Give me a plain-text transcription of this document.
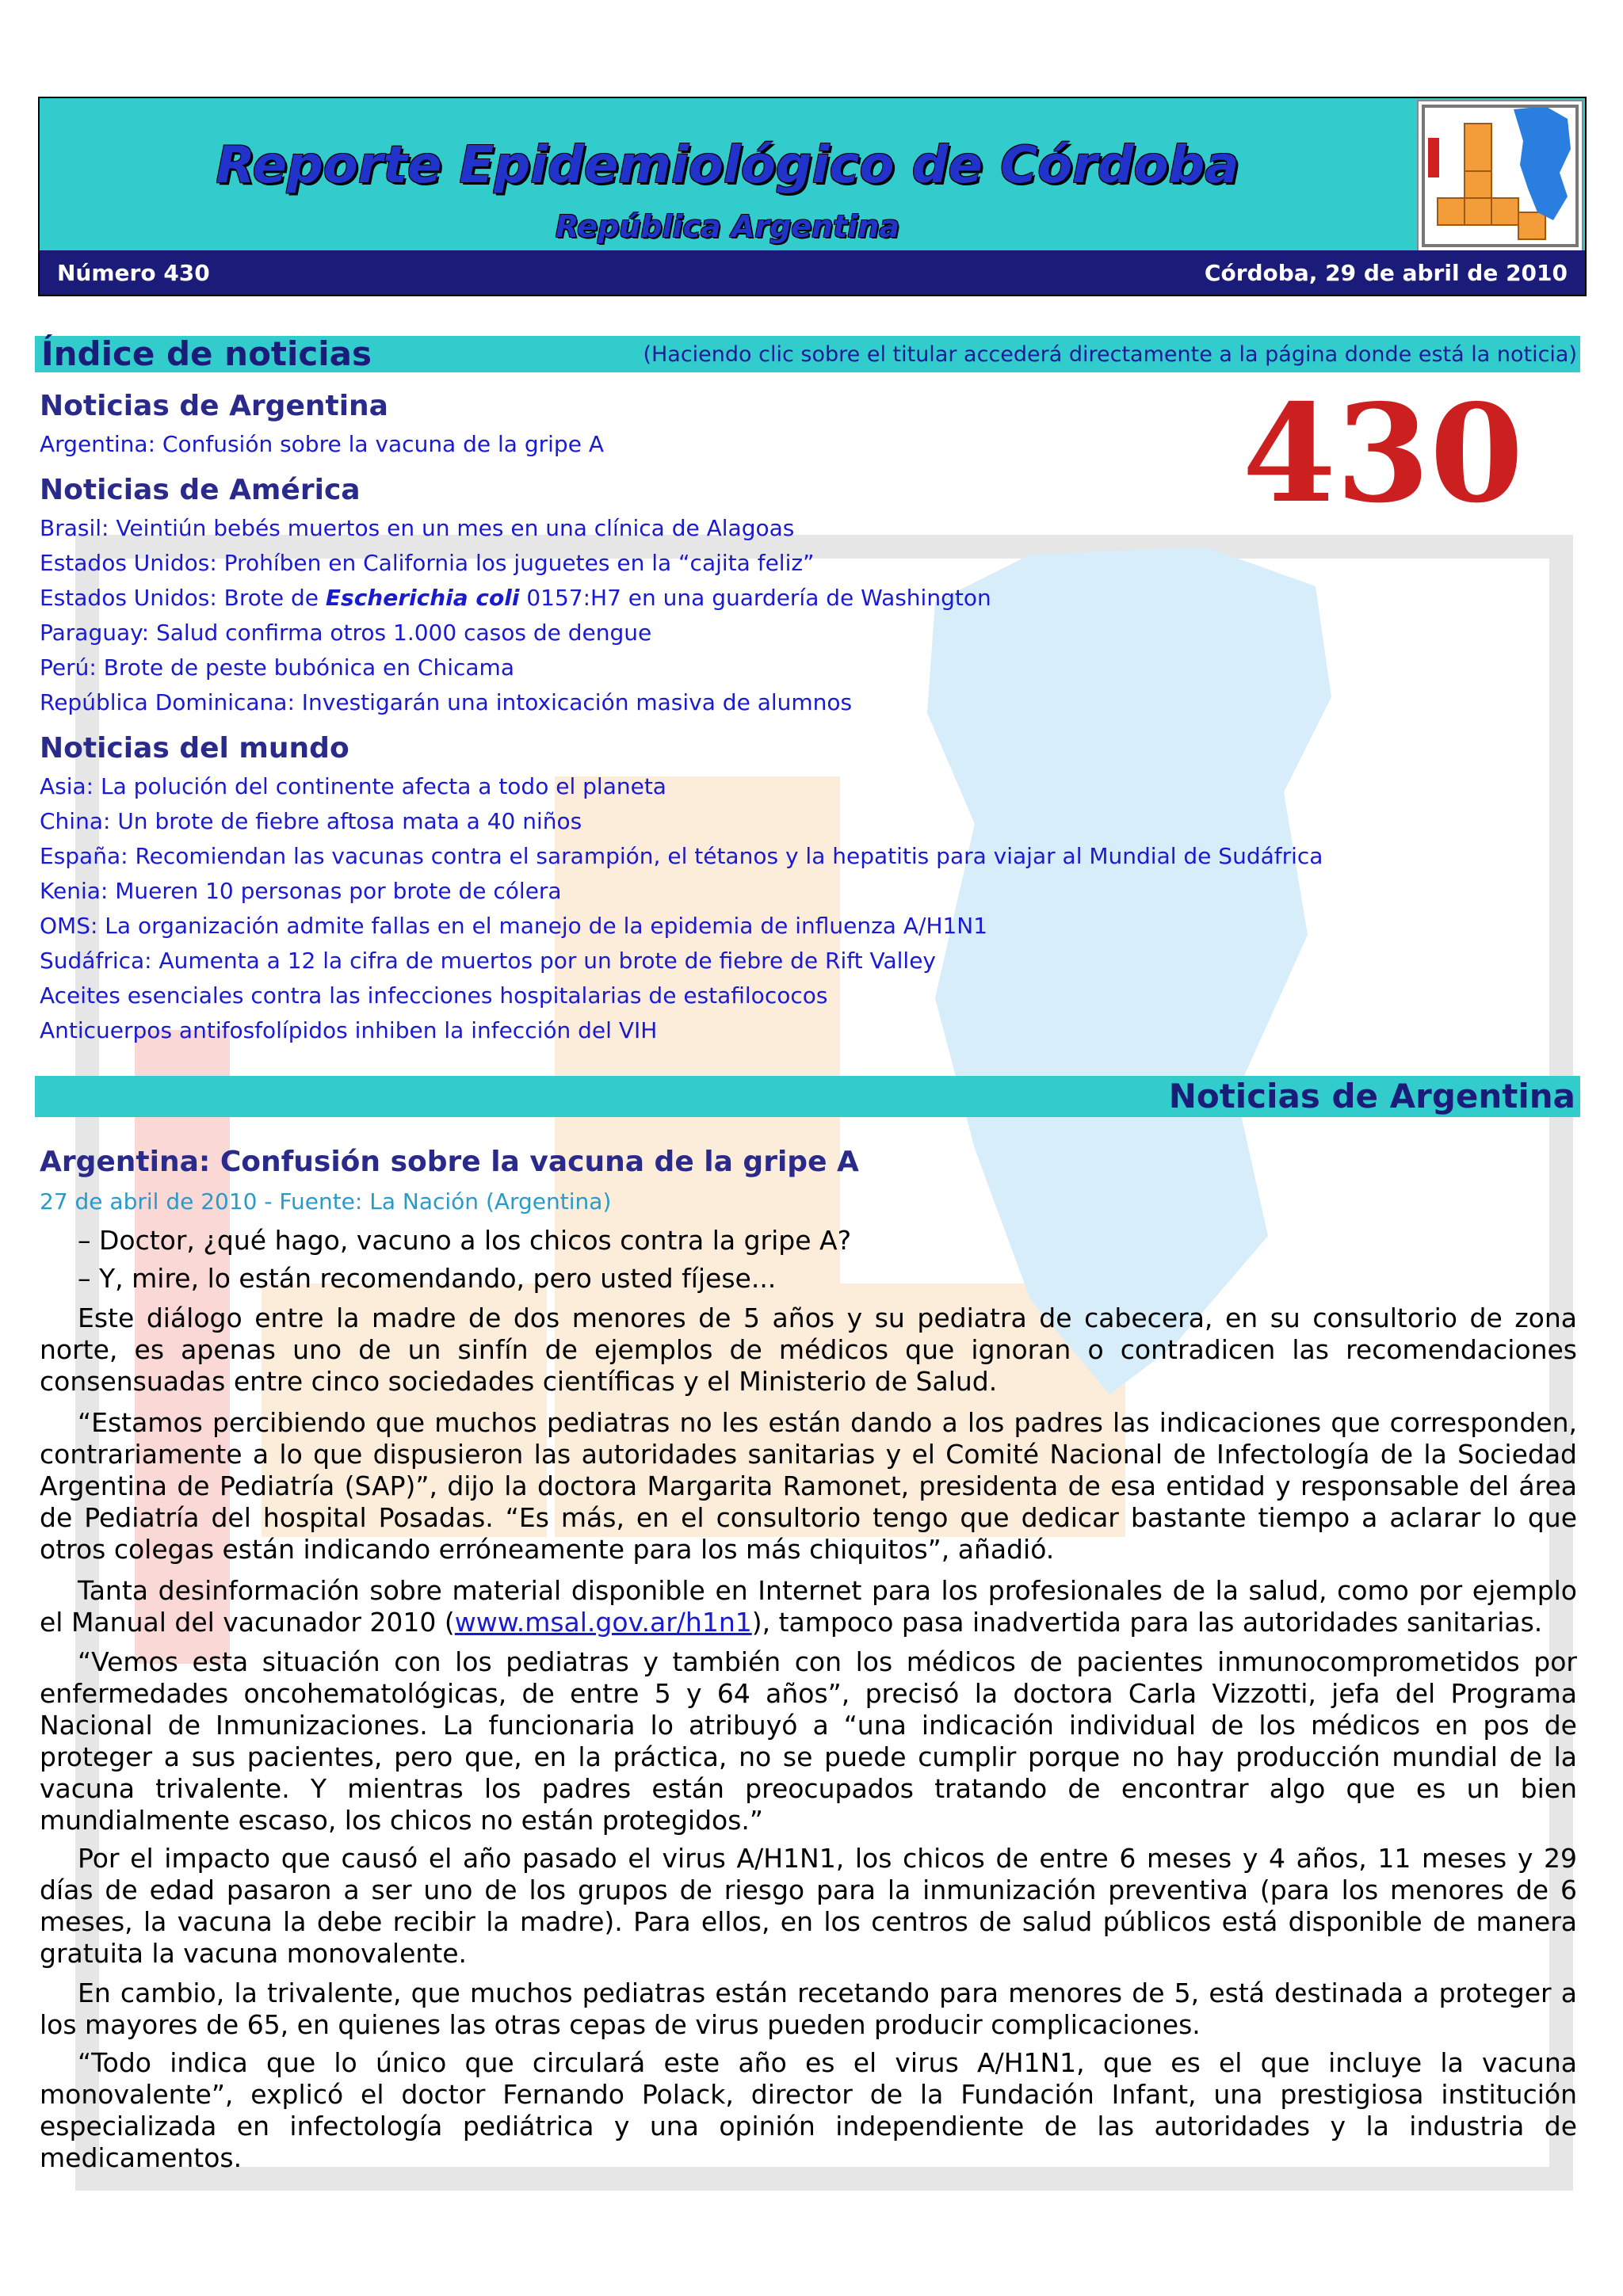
Reporte Epidemiológico de Córdoba
República Argentina
Número 430	Córdoba, 29 de abril de 2010
Índice de noticias	(Haciendo clic sobre el titular accederá directamente a la página donde está la noticia)
430
Noticias de Argentina
Argentina: Confusión sobre la vacuna de la gripe A
Noticias de América
Brasil: Veintiún bebés muertos en un mes en una clínica de Alagoas
Estados Unidos: Prohíben en California los juguetes en la “cajita feliz”
Estados Unidos: Brote de Escherichia coli 0157:H7 en una guardería de Washington
Paraguay: Salud confirma otros 1.000 casos de dengue
Perú: Brote de peste bubónica en Chicama
República Dominicana: Investigarán una intoxicación masiva de alumnos
Noticias del mundo
Asia: La polución del continente afecta a todo el planeta
China: Un brote de fiebre aftosa mata a 40 niños
España: Recomiendan las vacunas contra el sarampión, el tétanos y la hepatitis para viajar al Mundial de Sudáfrica
Kenia: Mueren 10 personas por brote de cólera
OMS: La organización admite fallas en el manejo de la epidemia de influenza A/H1N1
Sudáfrica: Aumenta a 12 la cifra de muertos por un brote de fiebre de Rift Valley
Aceites esenciales contra las infecciones hospitalarias de estafilococos
Anticuerpos antifosfolípidos inhiben la infección del VIH
Noticias de Argentina
Argentina: Confusión sobre la vacuna de la gripe A
27 de abril de 2010 - Fuente: La Nación (Argentina)
– Doctor, ¿qué hago, vacuno a los chicos contra la gripe A?
– Y, mire, lo están recomendando, pero usted fíjese...
Este diálogo entre la madre de dos menores de 5 años y su pediatra de cabecera, en su consultorio de zona norte, es apenas uno de un sinfín de ejemplos de médicos que ignoran o contradicen las recomendaciones consensuadas entre cinco sociedades científicas y el Ministerio de Salud.
“Estamos percibiendo que muchos pediatras no les están dando a los padres las indicaciones que corresponden, contrariamente a lo que dispusieron las autoridades sanitarias y el Comité Nacional de Infectología de la Sociedad Argentina de Pediatría (SAP)”, dijo la doctora Margarita Ramonet, presidenta de esa entidad y responsable del área de Pediatría del hospital Posadas. “Es más, en el consultorio tengo que dedicar bastante tiempo a aclarar lo que otros colegas están indicando erróneamente para los más chiquitos”, añadió.
Tanta desinformación sobre material disponible en Internet para los profesionales de la salud, como por ejemplo el Manual del vacunador 2010 (www.msal.gov.ar/h1n1), tampoco pasa inadvertida para las autoridades sanitarias.
“Vemos esta situación con los pediatras y también con los médicos de pacientes inmunocomprometidos por enfermedades oncohematológicas, de entre 5 y 64 años”, precisó la doctora Carla Vizzotti, jefa del Programa Nacional de Inmunizaciones. La funcionaria lo atribuyó a “una indicación individual de los médicos en pos de proteger a sus pacientes, pero que, en la práctica, no se puede cumplir porque no hay producción mundial de la vacuna trivalente. Y mientras los padres están preocupados tratando de encontrar algo que es un bien mundialmente escaso, los chicos no están protegidos.”
Por el impacto que causó el año pasado el virus A/H1N1, los chicos de entre 6 meses y 4 años, 11 meses y 29 días de edad pasaron a ser uno de los grupos de riesgo para la inmunización preventiva (para los menores de 6 meses, la vacuna la debe recibir la madre). Para ellos, en los centros de salud públicos está disponible de manera gratuita la vacuna monovalente.
En cambio, la trivalente, que muchos pediatras están recetando para menores de 5, está destinada a proteger a los mayores de 65, en quienes las otras cepas de virus pueden producir complicaciones.
“Todo indica que lo único que circulará este año es el virus A/H1N1, que es el que incluye la vacuna monovalente”, explicó el doctor Fernando Polack, director de la Fundación Infant, una prestigiosa institución especializada en infectología pediátrica y una opinión independiente de las autoridades y la industria de medicamentos.
